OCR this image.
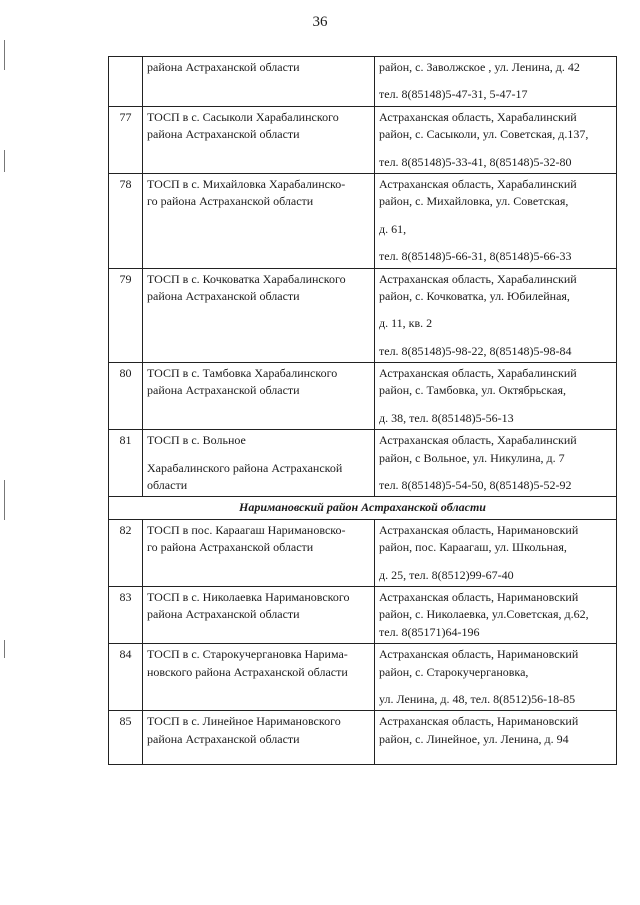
36

	района Астраханской области	район, с. Заволжское , ул. Ленина, д. 42
тел. 8(85148)5-47-31, 5-47-17

77	ТОСП в с. Сасыколи Харабалинского
района Астраханской области	Астраханская область, Харабалинский
район, с. Сасыколи, ул. Советская, д.137,
тел. 8(85148)5-33-41, 8(85148)5-32-80

78	ТОСП в с. Михайловка Харабалинско-
го района Астраханской области	Астраханская область, Харабалинский
район, с. Михайловка, ул. Советская,
д. 61,
тел. 8(85148)5-66-31, 8(85148)5-66-33

79	ТОСП в с. Кочковатка Харабалинского
района Астраханской области	Астраханская область, Харабалинский
район, с. Кочковатка, ул. Юбилейная,
д. 11, кв. 2
тел. 8(85148)5-98-22, 8(85148)5-98-84

80	ТОСП в с. Тамбовка Харабалинского
района Астраханской области	Астраханская область, Харабалинский
район, с. Тамбовка, ул. Октябрьская,
д. 38, тел. 8(85148)5-56-13

81	ТОСП в с. Вольное
Харабалинского района Астраханской
области	Астраханская область, Харабалинский
район, с Вольное, ул. Никулина, д. 7
тел. 8(85148)5-54-50, 8(85148)5-52-92

Наримановский район Астраханской области		
82	ТОСП в пос. Караагаш Наримановско-
го района Астраханской области	Астраханская область, Наримановский
район, пос. Караагаш, ул. Школьная,
д. 25, тел. 8(8512)99-67-40

83	ТОСП в с. Николаевка Наримановского
района Астраханской области	Астраханская область, Наримановский
район, с. Николаевка, ул.Советская, д.62,
тел. 8(85171)64-196

84	ТОСП в с. Старокучергановка Нарима-
новского района Астраханской области	Астраханская область, Наримановский
район, с. Старокучергановка,
ул. Ленина, д. 48, тел. 8(8512)56-18-85

85	ТОСП в с. Линейное Наримановского
района Астраханской области	Астраханская область, Наримановский
район, с. Линейное, ул. Ленина, д. 94
